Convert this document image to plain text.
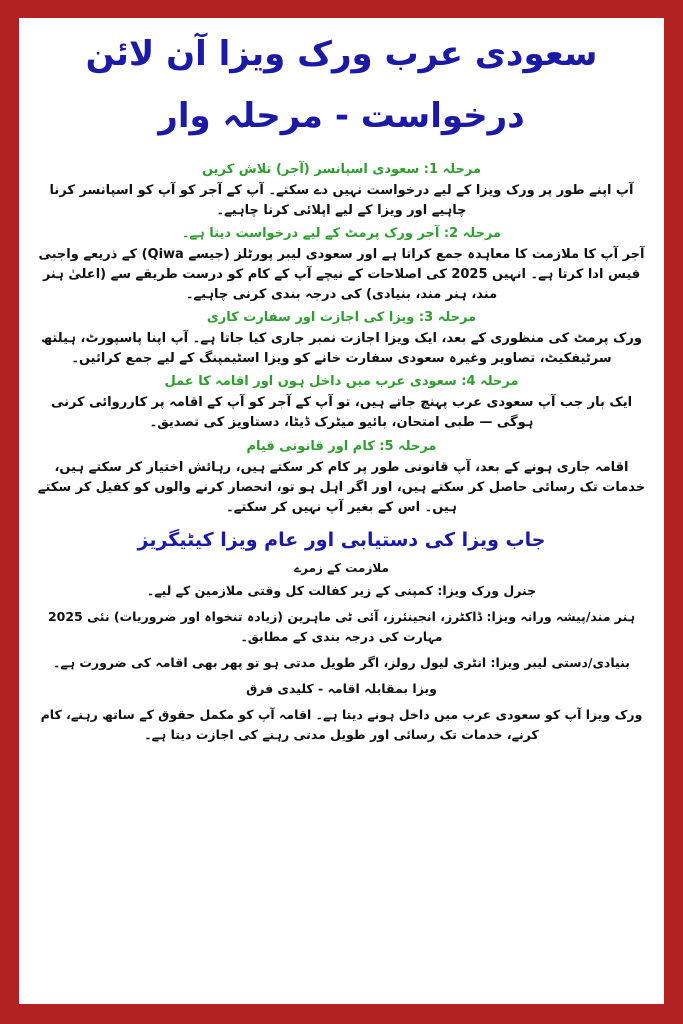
سعودی عرب ورک ویزا آن لائن
درخواست - مرحلہ وار
مرحلہ 1: سعودی اسپانسر (آجر) تلاش کریں
آپ اپنے طور پر ورک ویزا کے لیے درخواست نہیں دے سکتے۔ آپ کے آجر کو آپ کو اسپانسر کرنا چاہیے اور ویزا کے لیے اپلائی کرنا چاہیے۔
مرحلہ 2: آجر ورک پرمٹ کے لیے درخواست دیتا ہے۔
آجر آپ کا ملازمت کا معاہدہ جمع کراتا ہے اور سعودی لیبر پورٹلز (جیسے Qiwa) کے ذریعے واجبی فیس ادا کرتا ہے۔ انہیں 2025 کی اصلاحات کے نیچے آپ کے کام کو درست طریقے سے (اعلیٰ ہنر مند، ہنر مند، بنیادی) کی درجہ بندی کرنی چاہیے۔
مرحلہ 3: ویزا کی اجازت اور سفارت کاری
ورک پرمٹ کی منظوری کے بعد، ایک ویزا اجازت نمبر جاری کیا جاتا ہے۔ آپ اپنا پاسپورٹ، ہیلتھ سرٹیفکیٹ، تصاویر وغیرہ سعودی سفارت خانے کو ویزا اسٹیمپنگ کے لیے جمع کرائیں۔
مرحلہ 4: سعودی عرب میں داخل ہوں اور اقامہ کا عمل
ایک بار جب آپ سعودی عرب پہنچ جاتے ہیں، تو آپ کے آجر کو آپ کے اقامہ پر کارروائی کرنی ہوگی — طبی امتحان، بائیو میٹرک ڈیٹا، دستاویز کی تصدیق۔
مرحلہ 5: کام اور قانونی قیام
اقامہ جاری ہونے کے بعد، آپ قانونی طور پر کام کر سکتے ہیں، رہائش اختیار کر سکتے ہیں، خدمات تک رسائی حاصل کر سکتے ہیں، اور اگر اہل ہو تو، انحصار کرنے والوں کو کفیل کر سکتے ہیں۔ اس کے بغیر آپ نہیں کر سکتے۔
جاب ویزا کی دستیابی اور عام ویزا کیٹیگریز
ملازمت کے زمرے
جنرل ورک ویزا: کمپنی کے زیر کفالت کل وقتی ملازمین کے لیے۔
ہنر مند/پیشہ ورانہ ویزا: ڈاکٹرز، انجینئرز، آئی ٹی ماہرین (زیادہ تنخواہ اور ضروریات) نئی 2025 مہارت کی درجہ بندی کے مطابق۔
بنیادی/دستی لیبر ویزا: انٹری لیول رولز، اگر طویل مدتی ہو تو پھر بھی اقامہ کی ضرورت ہے۔
ویزا بمقابلہ اقامہ - کلیدی فرق
ورک ویزا آپ کو سعودی عرب میں داخل ہونے دیتا ہے۔ اقامہ آپ کو مکمل حقوق کے ساتھ رہنے، کام کرنے، خدمات تک رسائی اور طویل مدتی رہنے کی اجازت دیتا ہے۔
